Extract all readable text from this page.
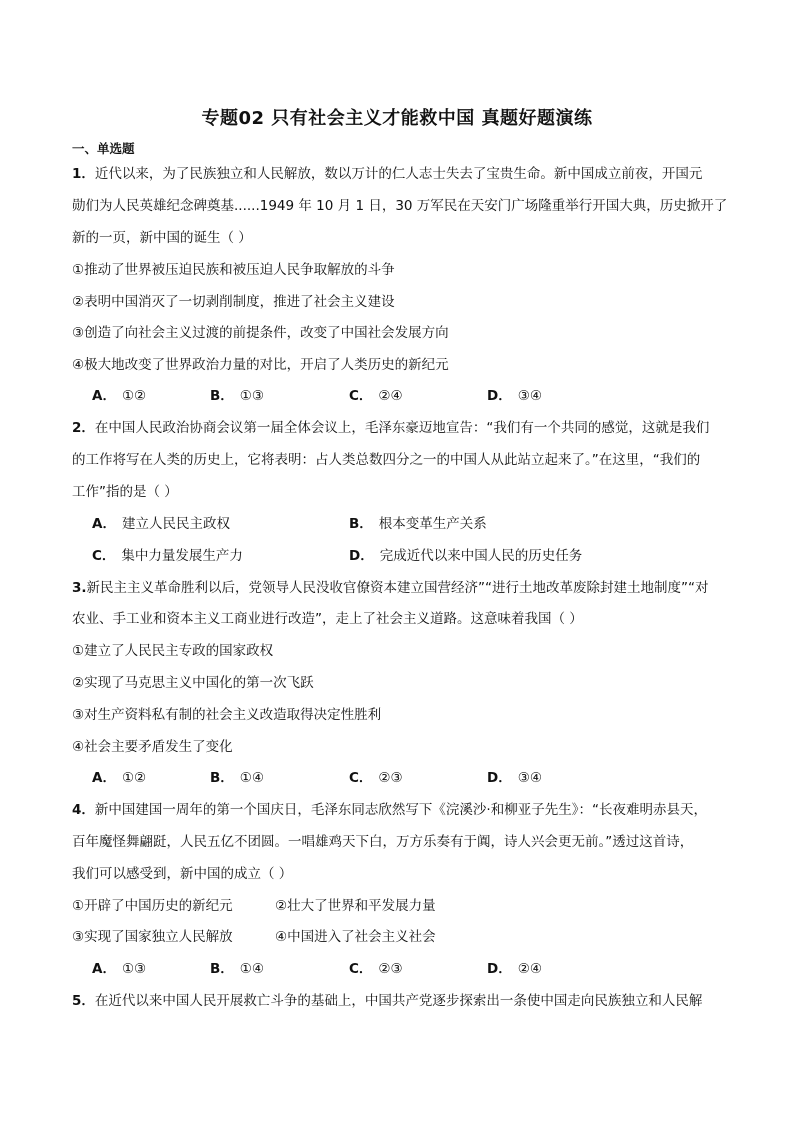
专题02 只有社会主义才能救中国 真题好题演练
一、单选题
1．近代以来，为了民族独立和人民解放，数以万计的仁人志士失去了宝贵生命。新中国成立前夜，开国元
勋们为人民英雄纪念碑奠基......1949 年 10 月 1 日，30 万军民在天安门广场隆重举行开国大典，历史掀开了
新的一页，新中国的诞生（ ）
①推动了世界被压迫民族和被压迫人民争取解放的斗争
②表明中国消灭了一切剥削制度，推进了社会主义建设
③创造了向社会主义过渡的前提条件，改变了中国社会发展方向
④极大地改变了世界政治力量的对比，开启了人类历史的新纪元
A． ①②	B． ①③	C． ②④	D． ③④
2．在中国人民政治协商会议第一届全体会议上，毛泽东豪迈地宣告：“我们有一个共同的感觉，这就是我们
的工作将写在人类的历史上，它将表明：占人类总数四分之一的中国人从此站立起来了。”在这里，“我们的
工作”指的是（ ）
A． 建立人民民主政权	B． 根本变革生产关系
C． 集中力量发展生产力	D． 完成近代以来中国人民的历史任务
3.新民主主义革命胜利以后，党领导人民没收官僚资本建立国营经济”“进行土地改革废除封建土地制度”“对
农业、手工业和资本主义工商业进行改造”，走上了社会主义道路。这意味着我国（ ）
①建立了人民民主专政的国家政权
②实现了马克思主义中国化的第一次飞跃
③对生产资料私有制的社会主义改造取得决定性胜利
④社会主要矛盾发生了变化
A． ①②	B． ①④	C． ②③	D． ③④
4．新中国建国一周年的第一个国庆日，毛泽东同志欣然写下《浣溪沙·和柳亚子先生》：“长夜难明赤县天，
百年魔怪舞翩跹，人民五亿不团圆。一唱雄鸡天下白，万方乐奏有于阗，诗人兴会更无前。”透过这首诗，
我们可以感受到，新中国的成立（ ）
①开辟了中国历史的新纪元	②壮大了世界和平发展力量
③实现了国家独立人民解放	④中国进入了社会主义社会
A． ①③	B． ①④	C． ②③	D． ②④
5．在近代以来中国人民开展救亡斗争的基础上，中国共产党逐步探索出一条使中国走向民族独立和人民解
